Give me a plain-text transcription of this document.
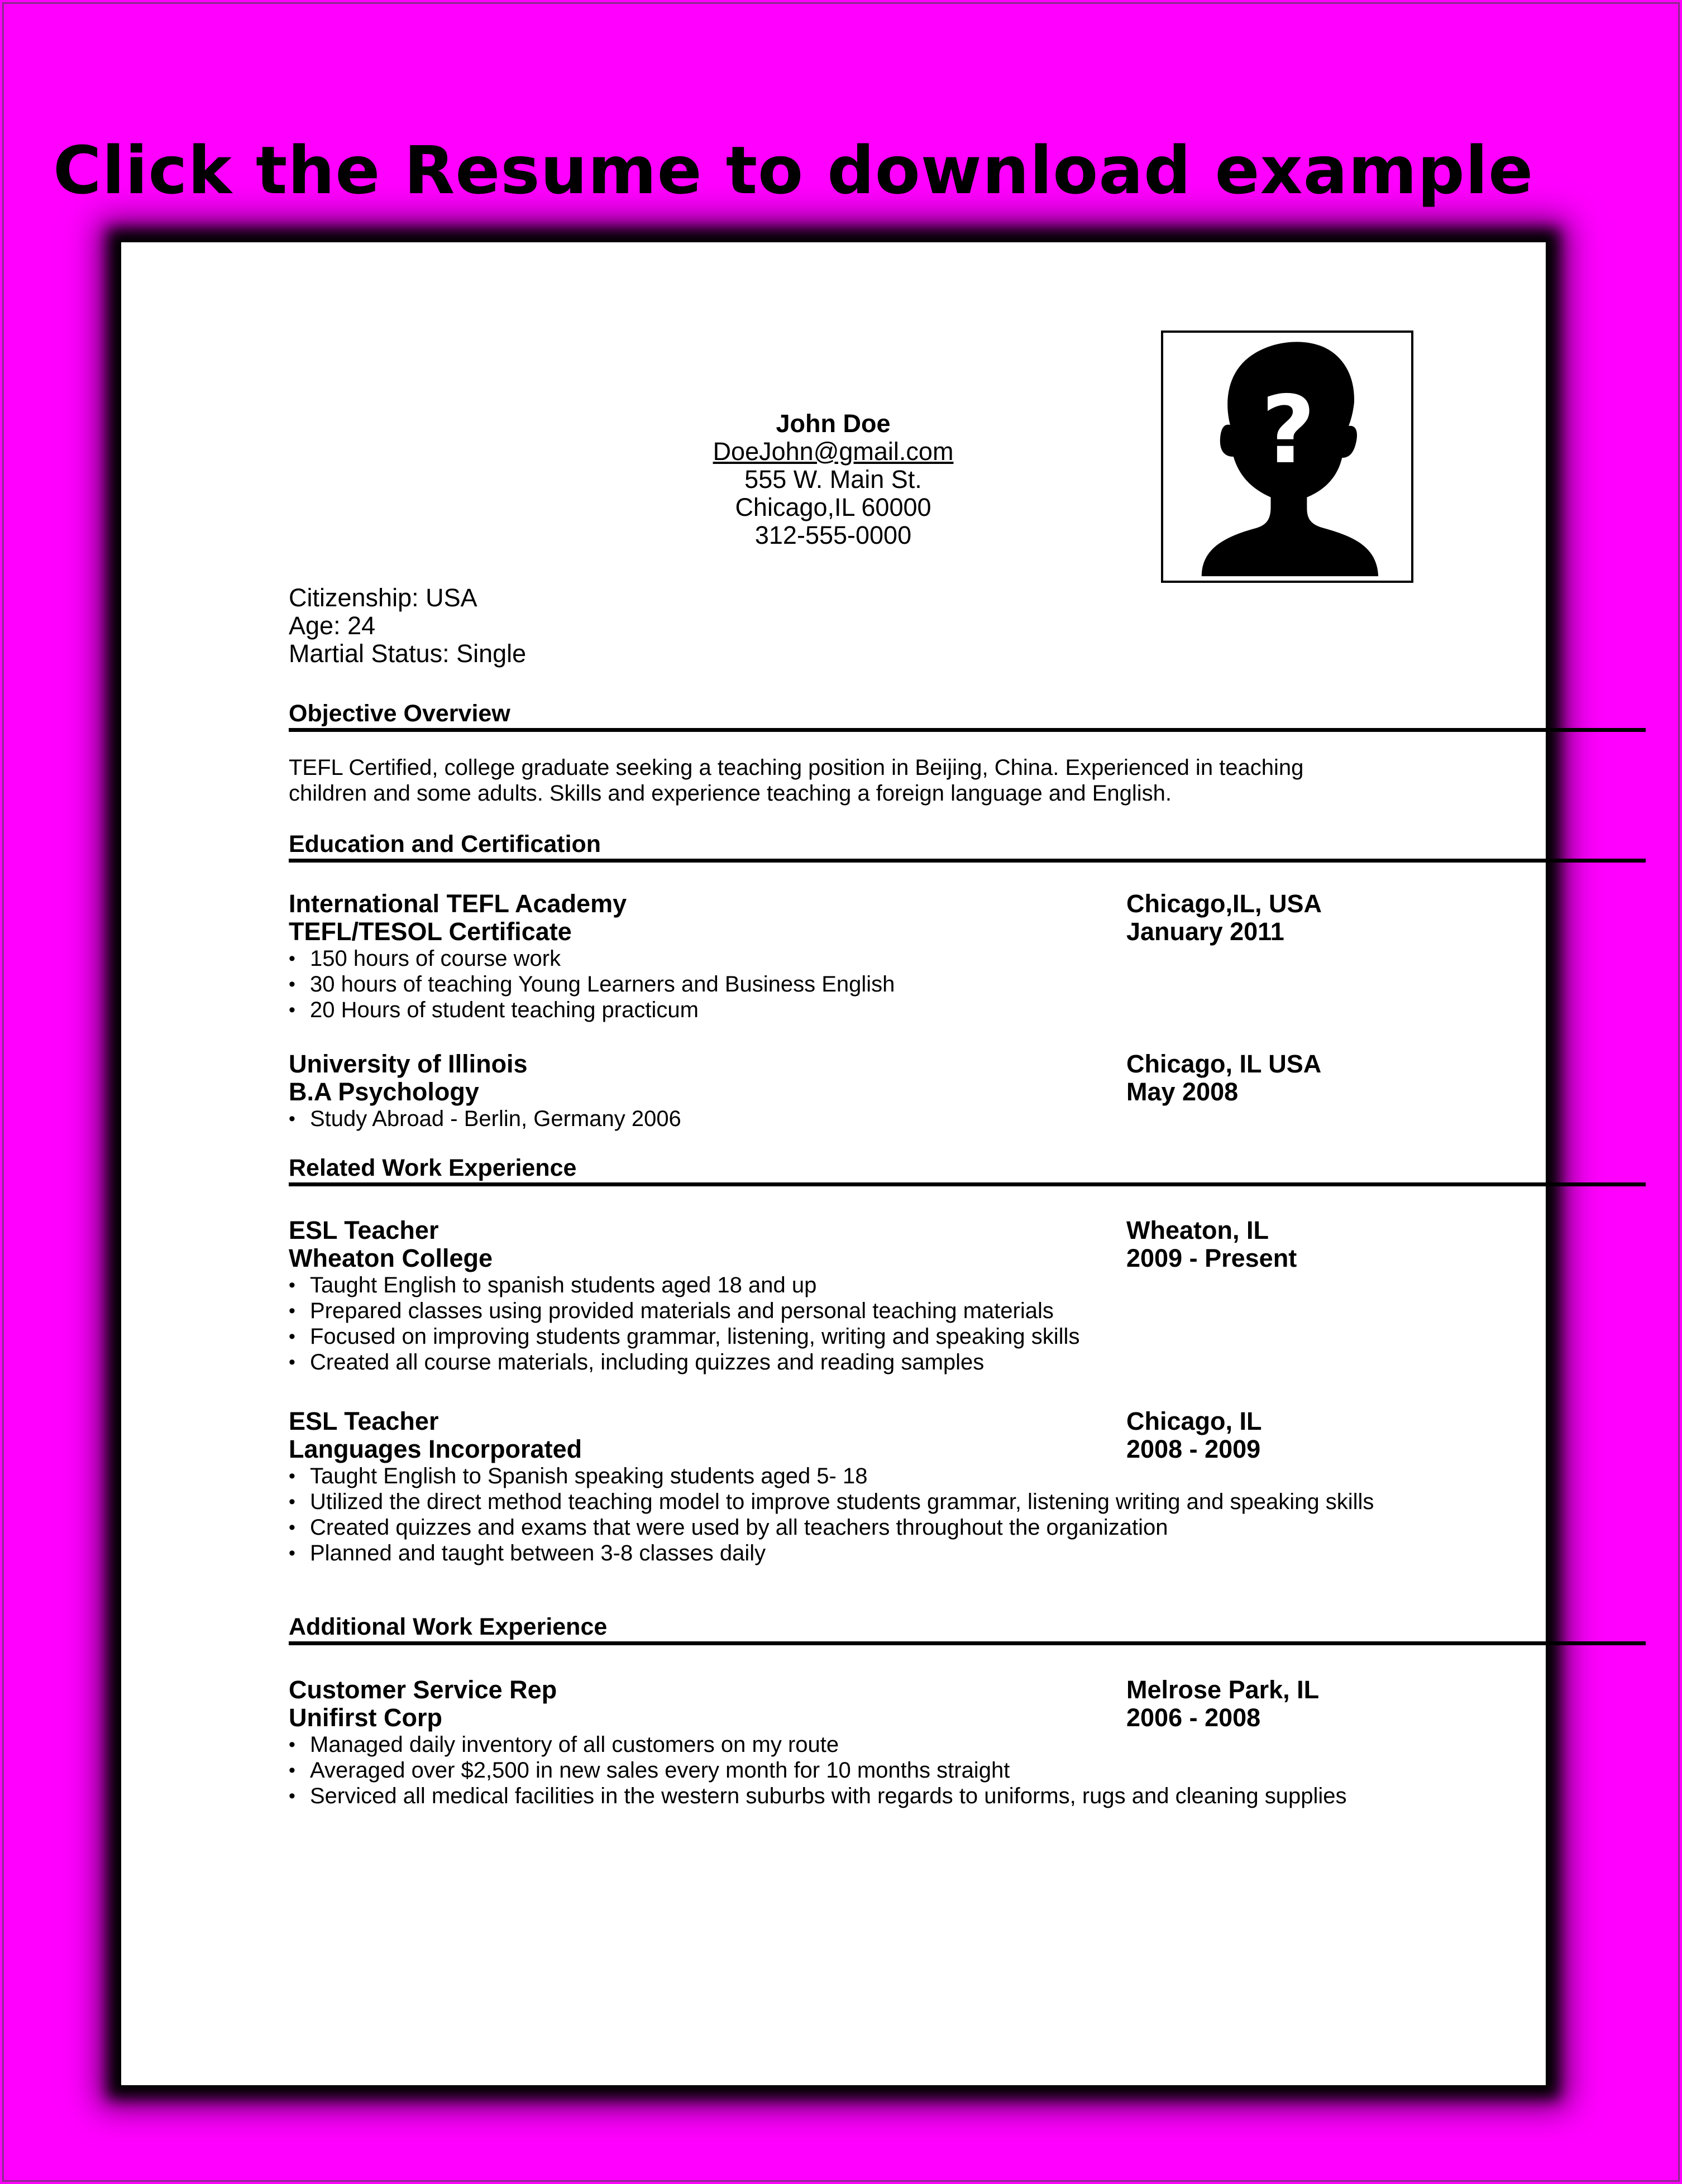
Click the Resume to download example
?
John Doe
DoeJohn@gmail.com
555 W. Main St.
Chicago,IL 60000
312-555-0000
Citizenship: USA
Age: 24
Martial Status: Single
Objective Overview
TEFL Certified, college graduate seeking a teaching position in Beijing, China. Experienced in teaching
children and some adults. Skills and experience teaching a foreign language and English.
Education and Certification
International TEFL Academy	Chicago,IL, USA
TEFL/TESOL Certificate	January 2011
• 150 hours of course work
• 30 hours of teaching Young Learners and Business English
• 20 Hours of student teaching practicum
University of Illinois	Chicago, IL USA
B.A Psychology	May 2008
• Study Abroad - Berlin, Germany 2006
Related Work Experience
ESL Teacher	Wheaton, IL
Wheaton College	2009 - Present
• Taught English to spanish students aged 18 and up
• Prepared classes using provided materials and personal teaching materials
• Focused on improving students grammar, listening, writing and speaking skills
• Created all course materials, including quizzes and reading samples
ESL Teacher	Chicago, IL
Languages Incorporated	2008 - 2009
• Taught English to Spanish speaking students aged 5- 18
• Utilized the direct method teaching model to improve students grammar, listening writing and speaking skills
• Created quizzes and exams that were used by all teachers throughout the organization
• Planned and taught between 3-8 classes daily
Additional Work Experience
Customer Service Rep	Melrose Park, IL
Unifirst Corp	2006 - 2008
• Managed daily inventory of all customers on my route
• Averaged over $2,500 in new sales every month for 10 months straight
• Serviced all medical facilities in the western suburbs with regards to uniforms, rugs and cleaning supplies
